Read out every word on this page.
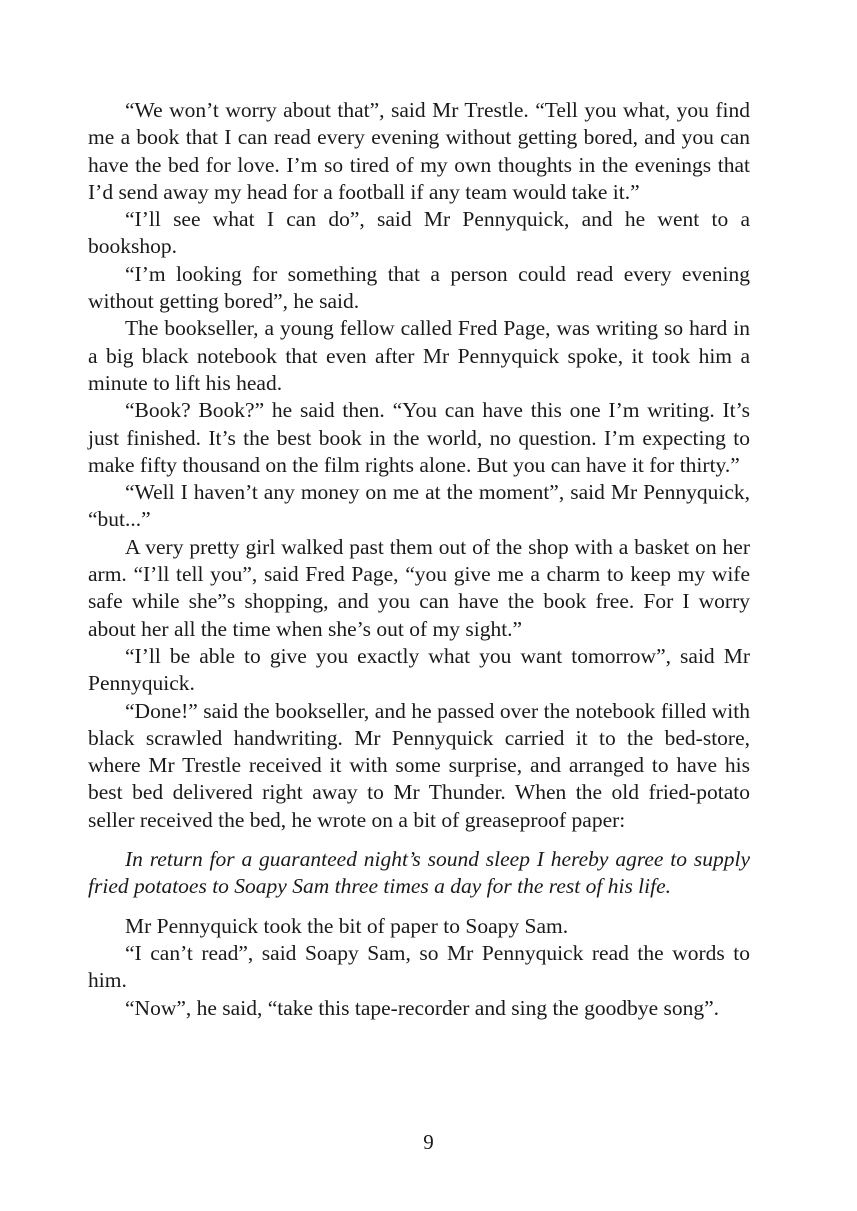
“We won’t worry about that”, said Mr Trestle. “Tell you what, you find me a book that I can read every evening without getting bored, and you can have the bed for love. I’m so tired of my own thoughts in the evenings that I’d send away my head for a football if any team would take it.”

“I’ll see what I can do”, said Mr Pennyquick, and he went to a bookshop.

“I’m looking for something that a person could read every evening without getting bored”, he said.

The bookseller, a young fellow called Fred Page, was writing so hard in a big black notebook that even after Mr Pennyquick spoke, it took him a minute to lift his head.

“Book? Book?” he said then. “You can have this one I’m writing. It’s just finished. It’s the best book in the world, no question. I’m expecting to make fifty thousand on the film rights alone. But you can have it for thirty.”

“Well I haven’t any money on me at the moment”, said Mr Pennyquick, “but...”

A very pretty girl walked past them out of the shop with a basket on her arm. “I’ll tell you”, said Fred Page, “you give me a charm to keep my wife safe while she”s shopping, and you can have the book free. For I worry about her all the time when she’s out of my sight.”

“I’ll be able to give you exactly what you want tomorrow”, said Mr Pennyquick.

“Done!” said the bookseller, and he passed over the notebook filled with black scrawled handwriting. Mr Pennyquick carried it to the bed-store, where Mr Trestle received it with some surprise, and arranged to have his best bed delivered right away to Mr Thunder. When the old fried-potato seller received the bed, he wrote on a bit of greaseproof paper:

In return for a guaranteed night’s sound sleep I hereby agree to supply fried potatoes to Soapy Sam three times a day for the rest of his life.

Mr Pennyquick took the bit of paper to Soapy Sam.

“I can’t read”, said Soapy Sam, so Mr Pennyquick read the words to him.

“Now”, he said, “take this tape-recorder and sing the goodbye song”.

9
